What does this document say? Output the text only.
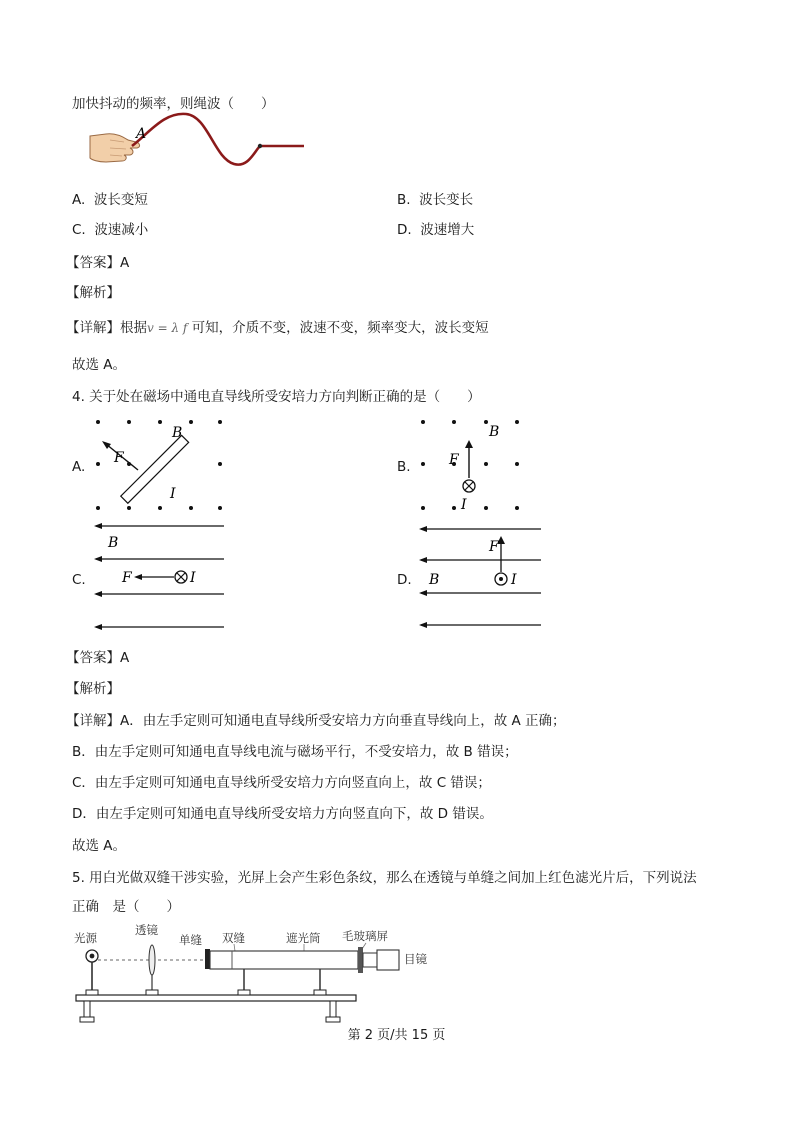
加快抖动的频率，则绳波（　　）
A
A. 波长变短	B. 波长变长
C. 波速减小	D. 波速增大
【答案】A
【解析】
【详解】根据v = λ f 可知，介质不变，波速不变，频率变大，波长变短
故选 A。
4. 关于处在磁场中通电直导线所受安培力方向判断正确的是（　　）
A.
B
F
I
B.
B
F
I
C.
B
F	I	D. B
F
I
【答案】A
【解析】
【详解】A．由左手定则可知通电直导线所受安培力方向垂直导线向上，故 A 正确；
B．由左手定则可知通电直导线电流与磁场平行，不受安培力，故 B 错误；
C．由左手定则可知通电直导线所受安培力方向竖直向上，故 C 错误；
D．由左手定则可知通电直导线所受安培力方向竖直向下，故 D 错误。
故选 A。
5. 用白光做双缝干涉实验，光屏上会产生彩色条纹，那么在透镜与单缝之间加上红色滤光片后，下列说法
正确　是（　　）
光源
透镜
单缝 双缝	遮光筒 毛玻璃屏
目镜
第 2 页/共 15 页
